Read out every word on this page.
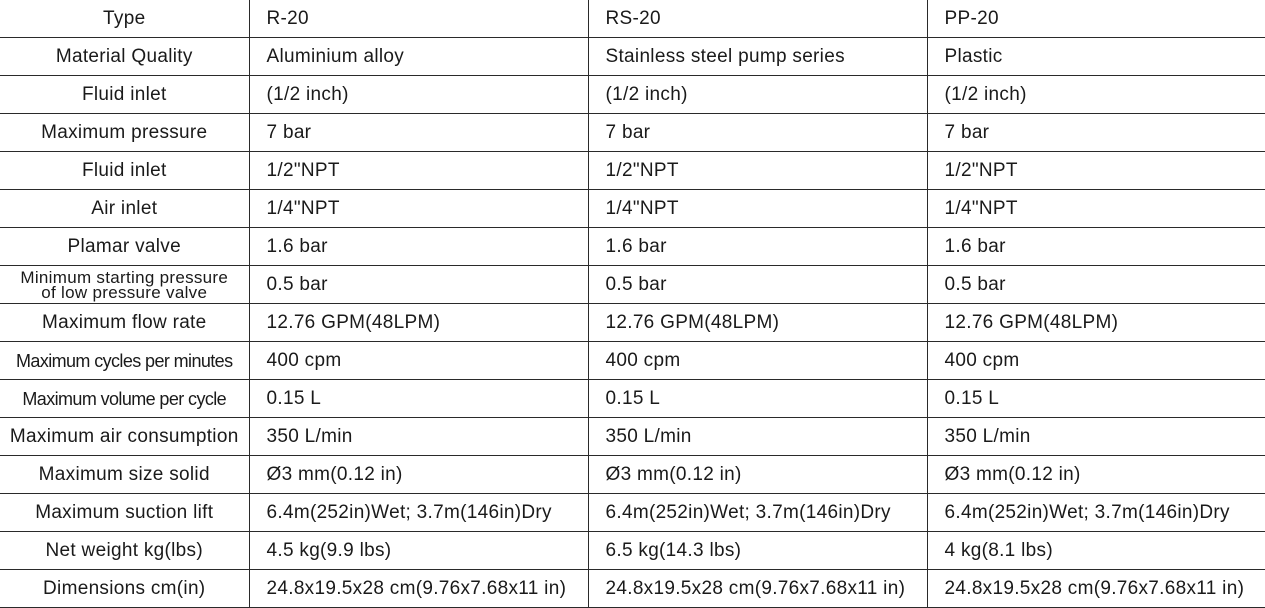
Type	R-20	RS-20	PP-20
Material Quality	Aluminium alloy	Stainless steel pump series	Plastic
Fluid inlet	(1/2 inch)	(1/2 inch)	(1/2 inch)
Maximum pressure	7 bar	7 bar	7 bar
Fluid inlet	1/2"NPT	1/2"NPT	1/2"NPT
Air inlet	1/4"NPT	1/4"NPT	1/4"NPT
Plamar valve	1.6 bar	1.6 bar	1.6 bar

Minimum starting pressure
of low pressure valve	0.5 bar	0.5 bar	0.5 bar
Maximum flow rate	12.76 GPM(48LPM)	12.76 GPM(48LPM)	12.76 GPM(48LPM)
Maximum cycles per minutes	400 cpm	400 cpm	400 cpm
Maximum volume per cycle	0.15 L	0.15 L	0.15 L
Maximum air consumption	350 L/min	350 L/min	350 L/min
Maximum size solid	Ø3 mm(0.12 in)	Ø3 mm(0.12 in)	Ø3 mm(0.12 in)
Maximum suction lift	6.4m(252in)Wet; 3.7m(146in)Dry	6.4m(252in)Wet; 3.7m(146in)Dry	6.4m(252in)Wet; 3.7m(146in)Dry
Net weight kg(lbs)	4.5 kg(9.9 lbs)	6.5 kg(14.3 lbs)	4 kg(8.1 lbs)
Dimensions cm(in)	24.8x19.5x28 cm(9.76x7.68x11 in)	24.8x19.5x28 cm(9.76x7.68x11 in)	24.8x19.5x28 cm(9.76x7.68x11 in)
